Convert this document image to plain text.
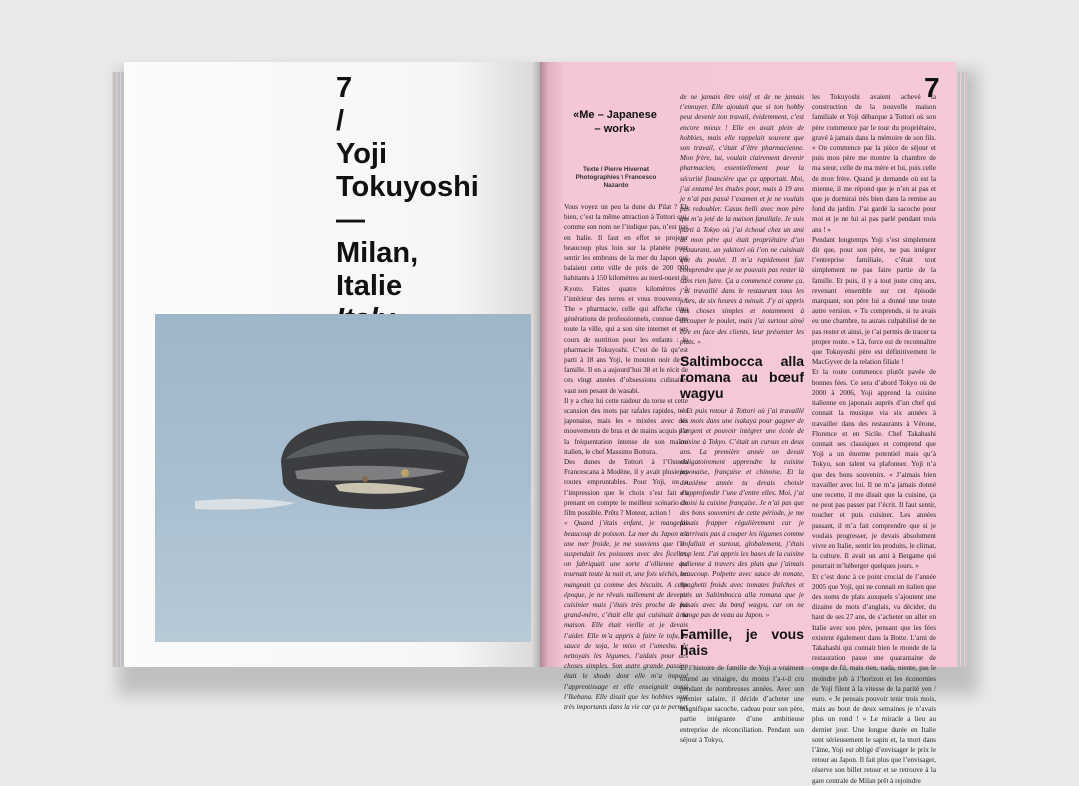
7
/
Yoji
Tokuyoshi
—
Milan,
Italie
7
«Me – Japanese – work»
Texte / Pierre Hivernat
Photographies \ Francesco Nazardo

Vous voyez un peu la dune du Pilat ? Eh bien, c’est la même attraction à Tottori qui, comme son nom ne l’indique pas, n’est pas en Italie. Il faut en effet se projeter beaucoup plus loin sur la planète pour sentir les embruns de la mer du Japon qui balaient cette ville de près de 200 000 habitants à 150 kilomètres au nord-ouest de Kyoto. Faites quatre kilomètres à l’intérieur des terres et vous trouverez « The » pharmacie, celle qui affiche cinq générations de professionnels, connue dans toute la ville, qui a son site internet et ses cours de nutrition pour les enfants : la pharmacie Tokuyoshi. C’est de là qu’est parti à 18 ans Yoji, le mouton noir de la famille. Il en a aujourd’hui 38 et le récit de ces vingt années d’obsessions culinaires vaut son pesant de wasabi.

Il y a chez lui cette raideur du torse et cette scansion des mots par rafales rapides, très japonaise, mais les « mixées avec des mouvements de bras et de mains acquis par la fréquentation intense de son maître italien, le chef Massimo Bottura.

Des dunes de Tottori à l’Osteria Francescana à Modène, il y avait plusieurs routes empruntables. Pour Yoji, on a l’impression que le choix s’est fait en prenant en compte le meilleur scénario de film possible. Prêts ? Moteur, action !

« Quand j’étais enfant, je mangeais beaucoup de poisson. La mer du Japon est une mer froide, je me souviens que l’on suspendait les poissons avec des ficelles, on fabriquait une sorte d’ollienne qui tournait toute la nuit et, une fois séchés, on mangeait ça comme des biscuits. A cette époque, je ne rêvais nullement de devenir cuisinier mais j’étais très proche de ma grand-mère, c’était elle qui cuisinait à la maison. Elle était vieille et je devais l’aider. Elle m’a appris à faire le tofu, la sauce de soja, le miso et l’umeshu. Je nettoyais les légumes, l’aidais pour des choses simples. Son autre grande passion était le shodo dont elle m’a imposé l’apprentissage et elle enseignait aussi l’Ikebana. Elle disait que les hobbies sont très importants dans la vie car ça te permet

de ne jamais être oisif et de ne jamais t’ennuyer. Elle ajoutait que si ton hobby peut devenir ton travail, évidemment, c’est encore mieux ! Elle en avait plein de hobbies, mais elle rappelait souvent que son travail, c’était d’être pharmacienne. Mon frère, lui, voulait clairement devenir pharmacien, essentiellement pour la sécurité financière que ça apportait. Moi, j’ai entamé les études pour, mais à 19 ans je n’ai pas passé l’examen et je ne voulais pas redoubler. Casus belli avec mon père qui m’a jeté de la maison familiale. Je suis parti à Tokyo où j’ai échoué chez un ami de mon père qui était propriétaire d’un restaurant, un yakitori où l’on ne cuisinait que du poulet. Il m’a rapidement fait comprendre que je ne pouvais pas rester là sans rien faire. Ça a commencé comme ça, j’ai travaillé dans le restaurant tous les jours, de six heures à minuit. J’y ai appris des choses simples et notamment à découper le poulet, mais j’ai surtout aimé être en face des clients, leur présenter les plats. »

Saltimbocca alla romana au bœuf wagyu

« Et puis retour à Tottori où j’ai travaillé six mois dans une isakaya pour gagner de l’argent et pouvoir intégrer une école de cuisine à Tokyo. C’était un cursus en deux ans. La première année on devait obligatoirement apprendre la cuisine japonaise, française et chinoise. Et la deuxième année tu devais choisir d’approfondir l’une d’entre elles. Moi, j’ai choisi la cuisine française. Je n’ai pas que des bons souvenirs de cette période, je me faisais frapper régulièrement car je n’arrivais pas à couper les légumes comme il fallait et surtout, globalement, j’étais trop lent. J’ai appris les bases de la cuisine italienne à travers des plats que j’aimais beaucoup. Polpette avec sauce de tomate, Spaghetti froids avec tomates fraîches et puis un Saltimbocca alla romana que je faisais avec du bœuf wagyu, car on ne mange pas de veau au Japon. »

Famille, je vous hais

Et l’histoire de famille de Yoji a vraiment tourné au vinaigre, du moins l’a-t-il cru pendant de nombreuses années. Avec son premier salaire, il décide d’acheter une magnifique sacoche, cadeau pour son père, partie intégrante d’une ambitieuse entreprise de réconciliation. Pendant son séjour à Tokyo,

les Tokuyoshi avaient achevé la construction de la nouvelle maison familiale et Yoji débarque à Tottori où son père commence par le tour du propriétaire, gravé à jamais dans la mémoire de son fils. « On commence par la pièce de séjour et puis mon père me montre la chambre de ma sœur, celle de ma mère et lui, puis celle de mon frère. Quand je demande où est la mienne, il me répond que je n’en ai pas et que je dormirai très bien dans la remise au fond du jardin. J’ai gardé la sacoche pour moi et je ne lui ai pas parlé pendant trois ans ! »

Pendant longtemps Yoji s’est simplement dit que, pour son père, ne pas intégrer l’entreprise familiale, c’était tout simplement ne pas faire partie de la famille. Et puis, il y a tout juste cinq ans, revenant ensemble sur cet épisode marquant, son père lui a donné une toute autre version. « Tu comprends, si tu avais eu une chambre, tu aurais culpabilisé de ne pas rester et ainsi, je t’ai permis de tracer ta propre route. » Là, force est de reconnaître que Tokuyoshi père est définitivement le MacGyver de la relation filiale !

Et la route commence plutôt pavée de bonnes fées. Ce sera d’abord Tokyo où de 2000 à 2006, Yoji apprend la cuisine italienne en japonais auprès d’un chef qui connait la musique via six années à travailler dans des restaurants à Vérone, Florence et en Sicile. Chef Takahashi connait ses classiques et comprend que Yoji a un énorme potentiel mais qu’à Tokyo, son talent va plafonner. Yoji n’a que des bons souvenirs. « J’aimais bien travailler avec lui. Il ne m’a jamais donné une recette, il me disait que la cuisine, ça ne peut pas passer par l’écrit. Il faut sentir, toucher et puis cuisiner. Les années passant, il m’a fait comprendre que si je voulais progresser, je devais absolument vivre en Italie, sentir les produits, le climat, la culture. Il avait un ami à Bergame qui pourrait m’héberger quelques jours. »

Et c’est donc à ce point crucial de l’année 2005 que Yoji, qui ne connait en italien que des noms de plats auxquels s’ajoutent une dizaine de mots d’anglais, va décider, du haut de ses 27 ans, de s’acheter un aller en Italie avec son père, pensant que les fées existent également dans la Botte. L’ami de Takahashi qui connait bien le monde de la restauration passe une quarantaine de coups de fil, mais rien, nada, niente, pas le moindre job à l’horizon et les économies de Yoji filent à la vitesse de la parité yen / euro. « Je pensais pouvoir tenir trois mois, mais au bout de deux semaines je n’avais plus un rond ! » Le miracle a lieu au dernier jour. Une longue durée en Italie sont sérieusement le sapin et, la mort dans l’âme, Yoji est obligé d’envisager le prix le retour au Japon. Il fait plus que l’envisager, réserve son billet retour et se retrouve à la gare centrale de Milan prêt à rejoindre
